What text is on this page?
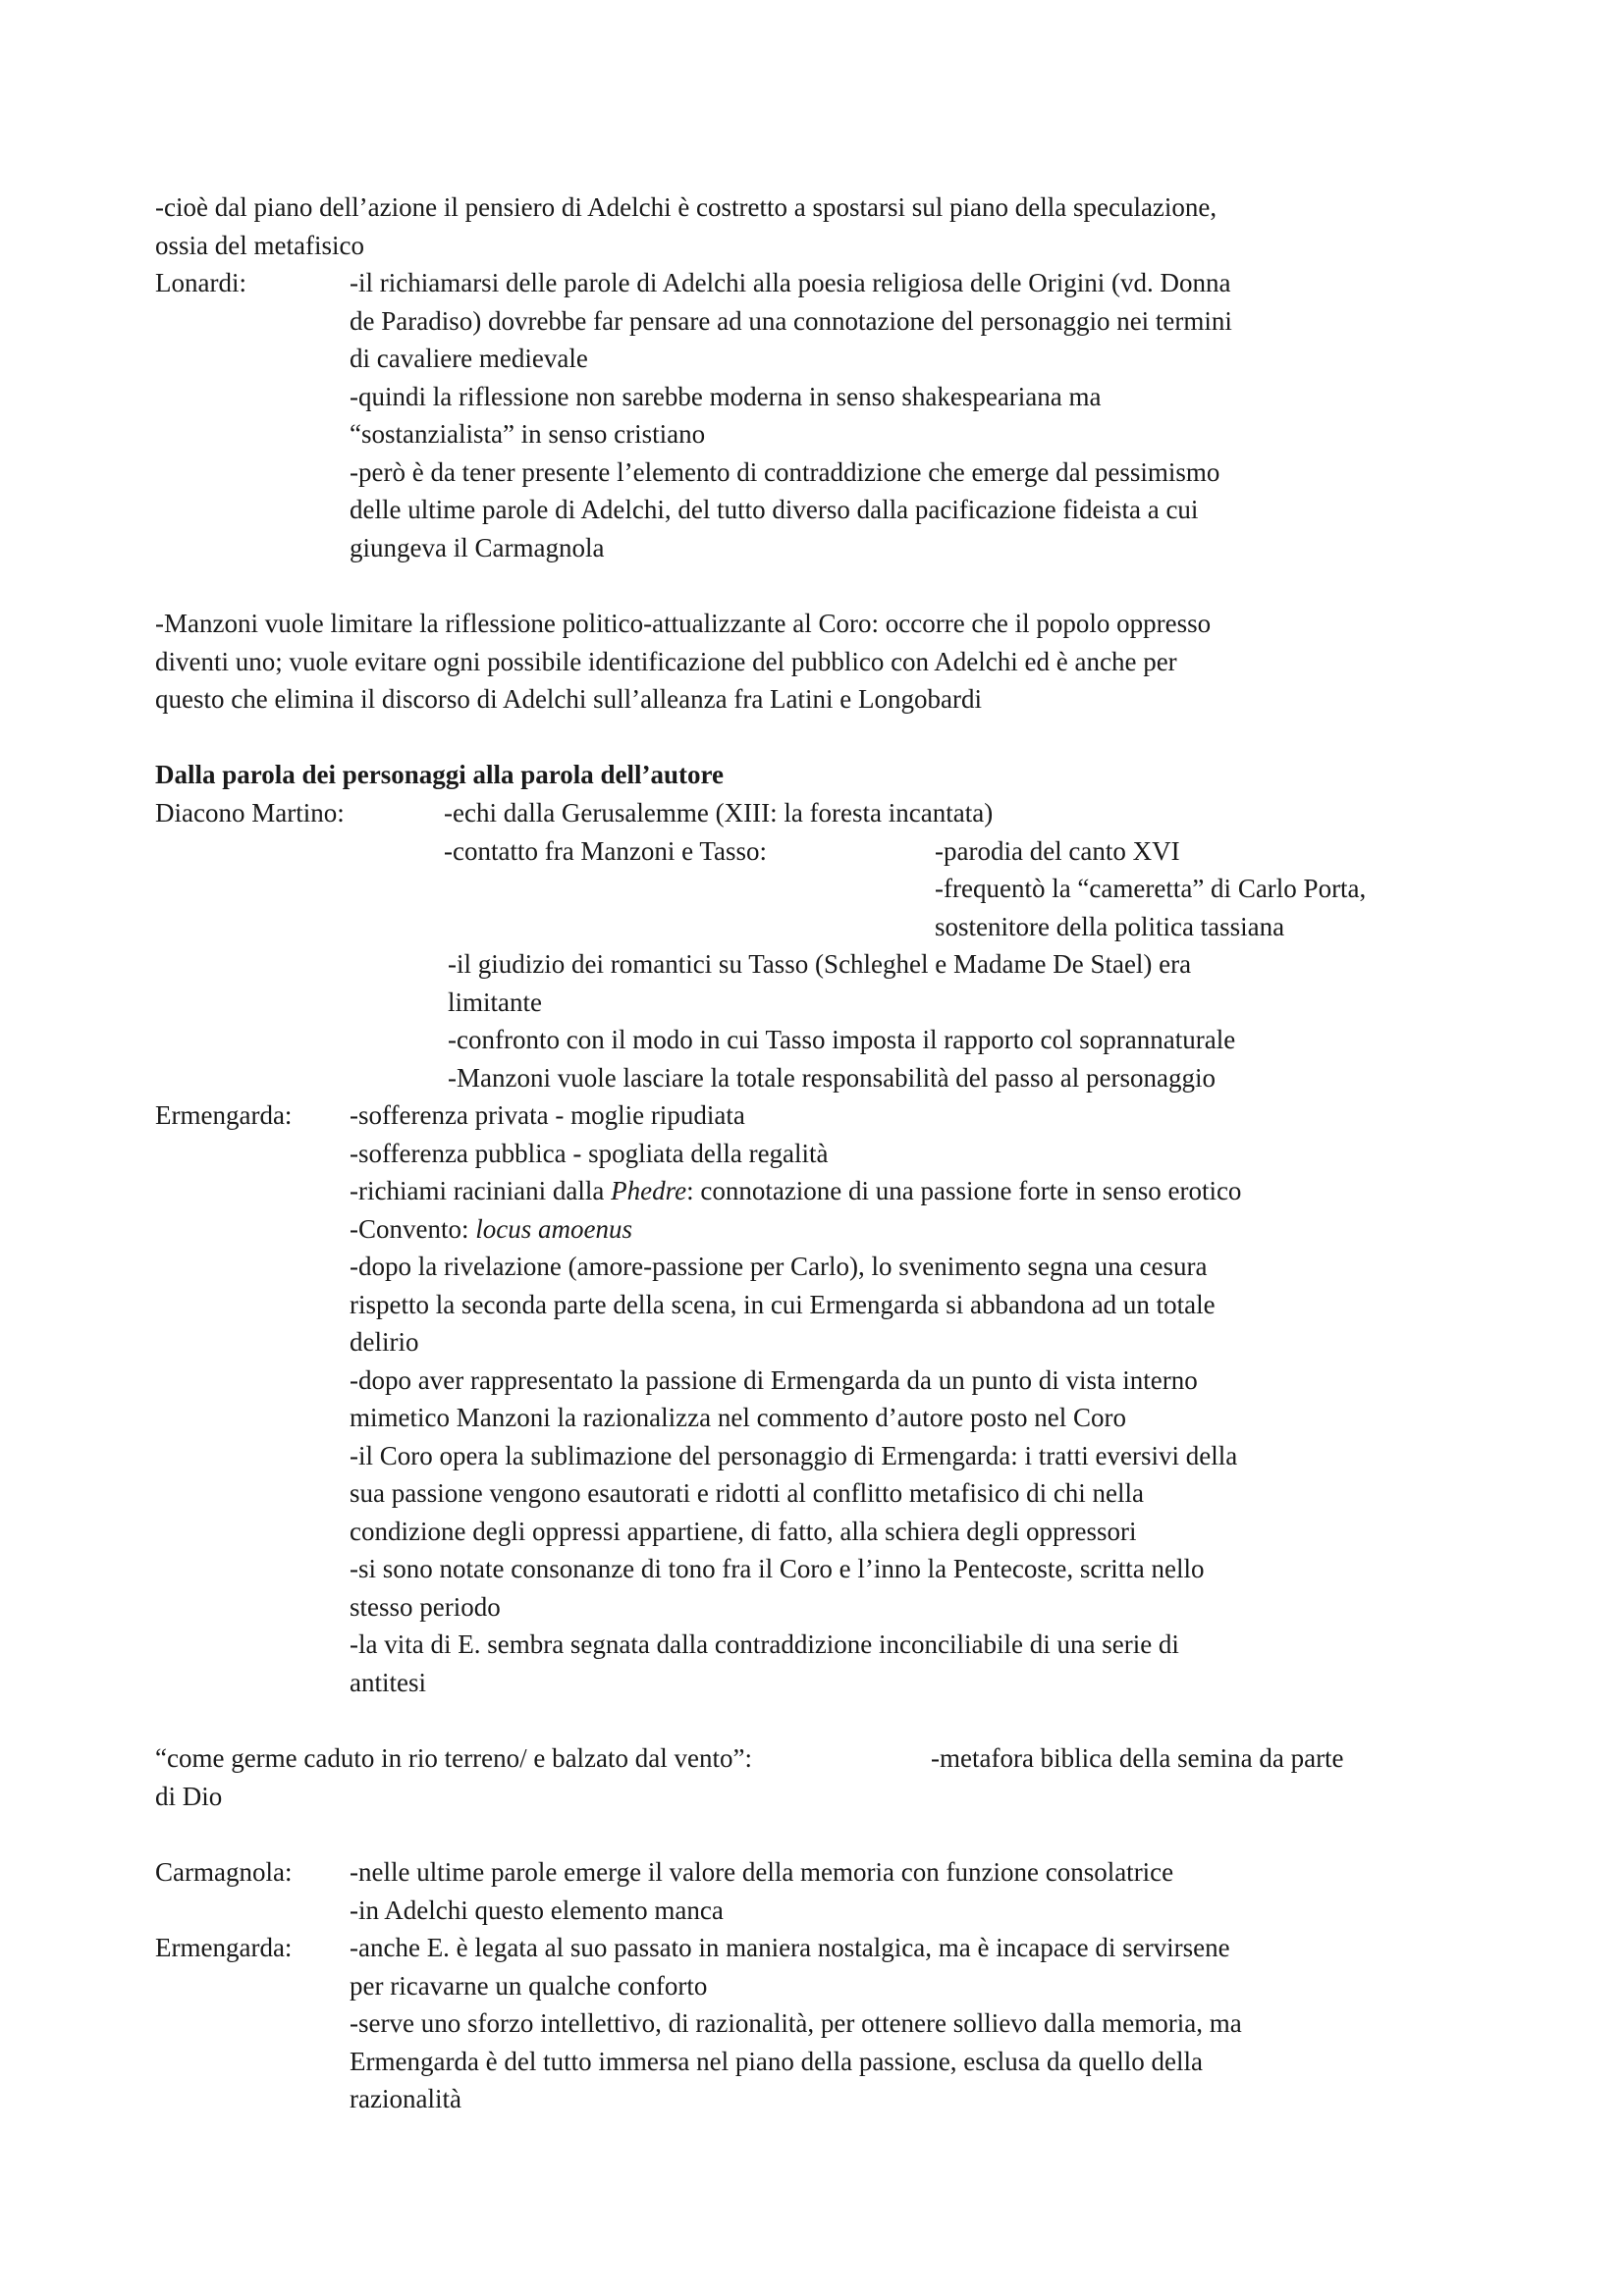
-cioè dal piano dell’azione il pensiero di Adelchi è costretto a spostarsi sul piano della speculazione,
ossia del metafisico
Lonardi:	-il richiamarsi delle parole di Adelchi alla poesia religiosa delle Origini (vd. Donna
de Paradiso) dovrebbe far pensare ad una connotazione del personaggio nei termini
di cavaliere medievale
-quindi la riflessione non sarebbe moderna in senso shakespeariana ma
“sostanzialista” in senso cristiano
-però è da tener presente l’elemento di contraddizione che emerge dal pessimismo
delle ultime parole di Adelchi, del tutto diverso dalla pacificazione fideista a cui
giungeva il Carmagnola
-Manzoni vuole limitare la riflessione politico-attualizzante al Coro: occorre che il popolo oppresso
diventi uno; vuole evitare ogni possibile identificazione del pubblico con Adelchi ed è anche per
questo che elimina il discorso di Adelchi sull’alleanza fra Latini e Longobardi
Dalla parola dei personaggi alla parola dell’autore
Diacono Martino:	-echi dalla Gerusalemme (XIII: la foresta incantata)
-contatto fra Manzoni e Tasso:	-parodia del canto XVI
-frequentò la “cameretta” di Carlo Porta,
sostenitore della politica tassiana
-il giudizio dei romantici su Tasso (Schleghel e Madame De Stael) era
limitante
-confronto con il modo in cui Tasso imposta il rapporto col soprannaturale
-Manzoni vuole lasciare la totale responsabilità del passo al personaggio
Ermengarda: -sofferenza privata - moglie ripudiata
-sofferenza pubblica - spogliata della regalità
-richiami raciniani dalla Phedre: connotazione di una passione forte in senso erotico
-Convento: locus amoenus
-dopo la rivelazione (amore-passione per Carlo), lo svenimento segna una cesura
rispetto la seconda parte della scena, in cui Ermengarda si abbandona ad un totale
delirio
-dopo aver rappresentato la passione di Ermengarda da un punto di vista interno
mimetico Manzoni la razionalizza nel commento d’autore posto nel Coro
-il Coro opera la sublimazione del personaggio di Ermengarda: i tratti eversivi della
sua passione vengono esautorati e ridotti al conflitto metafisico di chi nella
condizione degli oppressi appartiene, di fatto, alla schiera degli oppressori
-si sono notate consonanze di tono fra il Coro e l’inno la Pentecoste, scritta nello
stesso periodo
-la vita di E. sembra segnata dalla contraddizione inconciliabile di una serie di
antitesi
“come germe caduto in rio terreno/ e balzato dal vento”:	-metafora biblica della semina da parte
di Dio
Carmagnola: -nelle ultime parole emerge il valore della memoria con funzione consolatrice
-in Adelchi questo elemento manca
Ermengarda: -anche E. è legata al suo passato in maniera nostalgica, ma è incapace di servirsene
per ricavarne un qualche conforto
-serve uno sforzo intellettivo, di razionalità, per ottenere sollievo dalla memoria, ma
Ermengarda è del tutto immersa nel piano della passione, esclusa da quello della
razionalità
